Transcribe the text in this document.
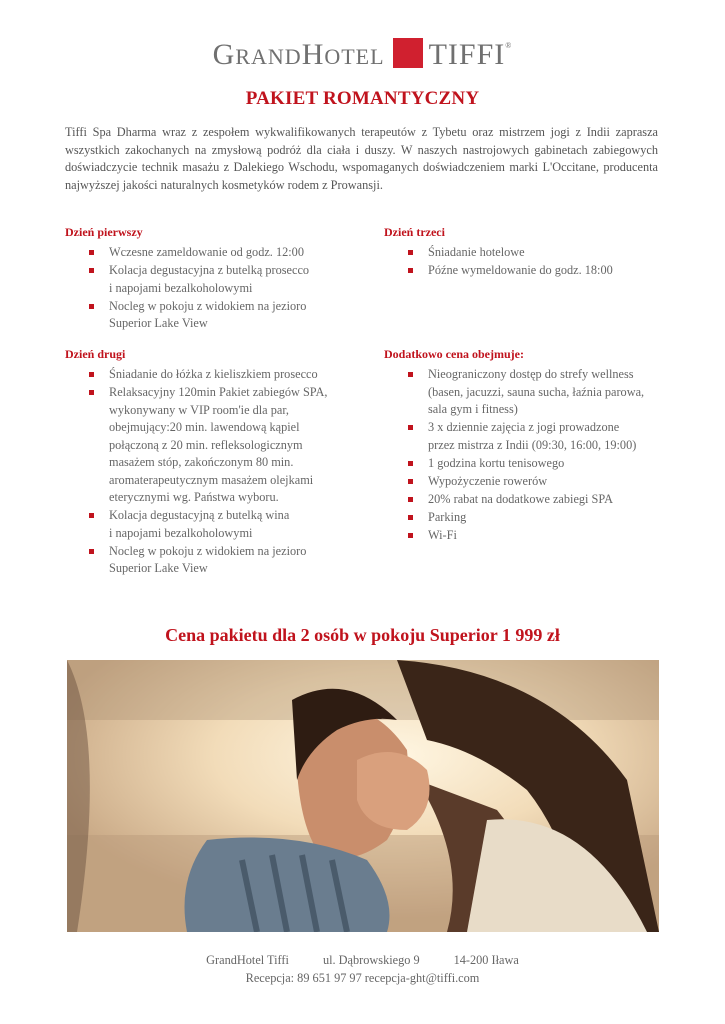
GRANDHOTEL TIFFI®
PAKIET ROMANTYCZNY

Tiffi Spa Dharma wraz z zespołem wykwalifikowanych terapeutów z Tybetu oraz mistrzem jogi z Indii zaprasza wszystkich zakochanych na zmysłową podróż dla ciała i duszy. W naszych nastrojowych gabinetach zabiegowych doświadczycie technik masażu z Dalekiego Wschodu, wspomaganych doświadczeniem marki L'Occitane, producenta najwyższej jakości naturalnych kosmetyków rodem z Prowansji.

Dzień pierwszy
Wczesne zameldowanie od godz. 12:00
Kolacja degustacyjna z butelką prosecco
i napojami bezalkoholowymi
Nocleg w pokoju z widokiem na jezioro
Superior Lake View
Dzień drugi
Śniadanie do łóżka z kieliszkiem prosecco
Relaksacyjny 120min Pakiet zabiegów SPA,
wykonywany w VIP room'ie dla par,
obejmujący:20 min. lawendową kąpiel
połączoną z 20 min. refleksologicznym
masażem stóp, zakończonym 80 min.
aromaterapeutycznym masażem olejkami
eterycznymi wg. Państwa wyboru.
Kolacja degustacyjną z butelką wina
i napojami bezalkoholowymi
Nocleg w pokoju z widokiem na jezioro
Superior Lake View
Dzień trzeci
Śniadanie hotelowe
Późne wymeldowanie do godz. 18:00
Dodatkowo cena obejmuje:
Nieograniczony dostęp do strefy wellness
(basen, jacuzzi, sauna sucha, łaźnia parowa,
sala gym i fitness)
3 x dziennie zajęcia z jogi prowadzone
przez mistrza z Indii (09:30, 16:00, 19:00)
1 godzina kortu tenisowego
Wypożyczenie rowerów
20% rabat na dodatkowe zabiegi SPA
Parking
Wi-Fi
Cena pakietu dla 2 osób w pokoju Superior 1 999 zł
GrandHotel Tiffi	ul. Dąbrowskiego 9	14-200 Iława
Recepcja: 89 651 97 97 recepcja-ght@tiffi.com
